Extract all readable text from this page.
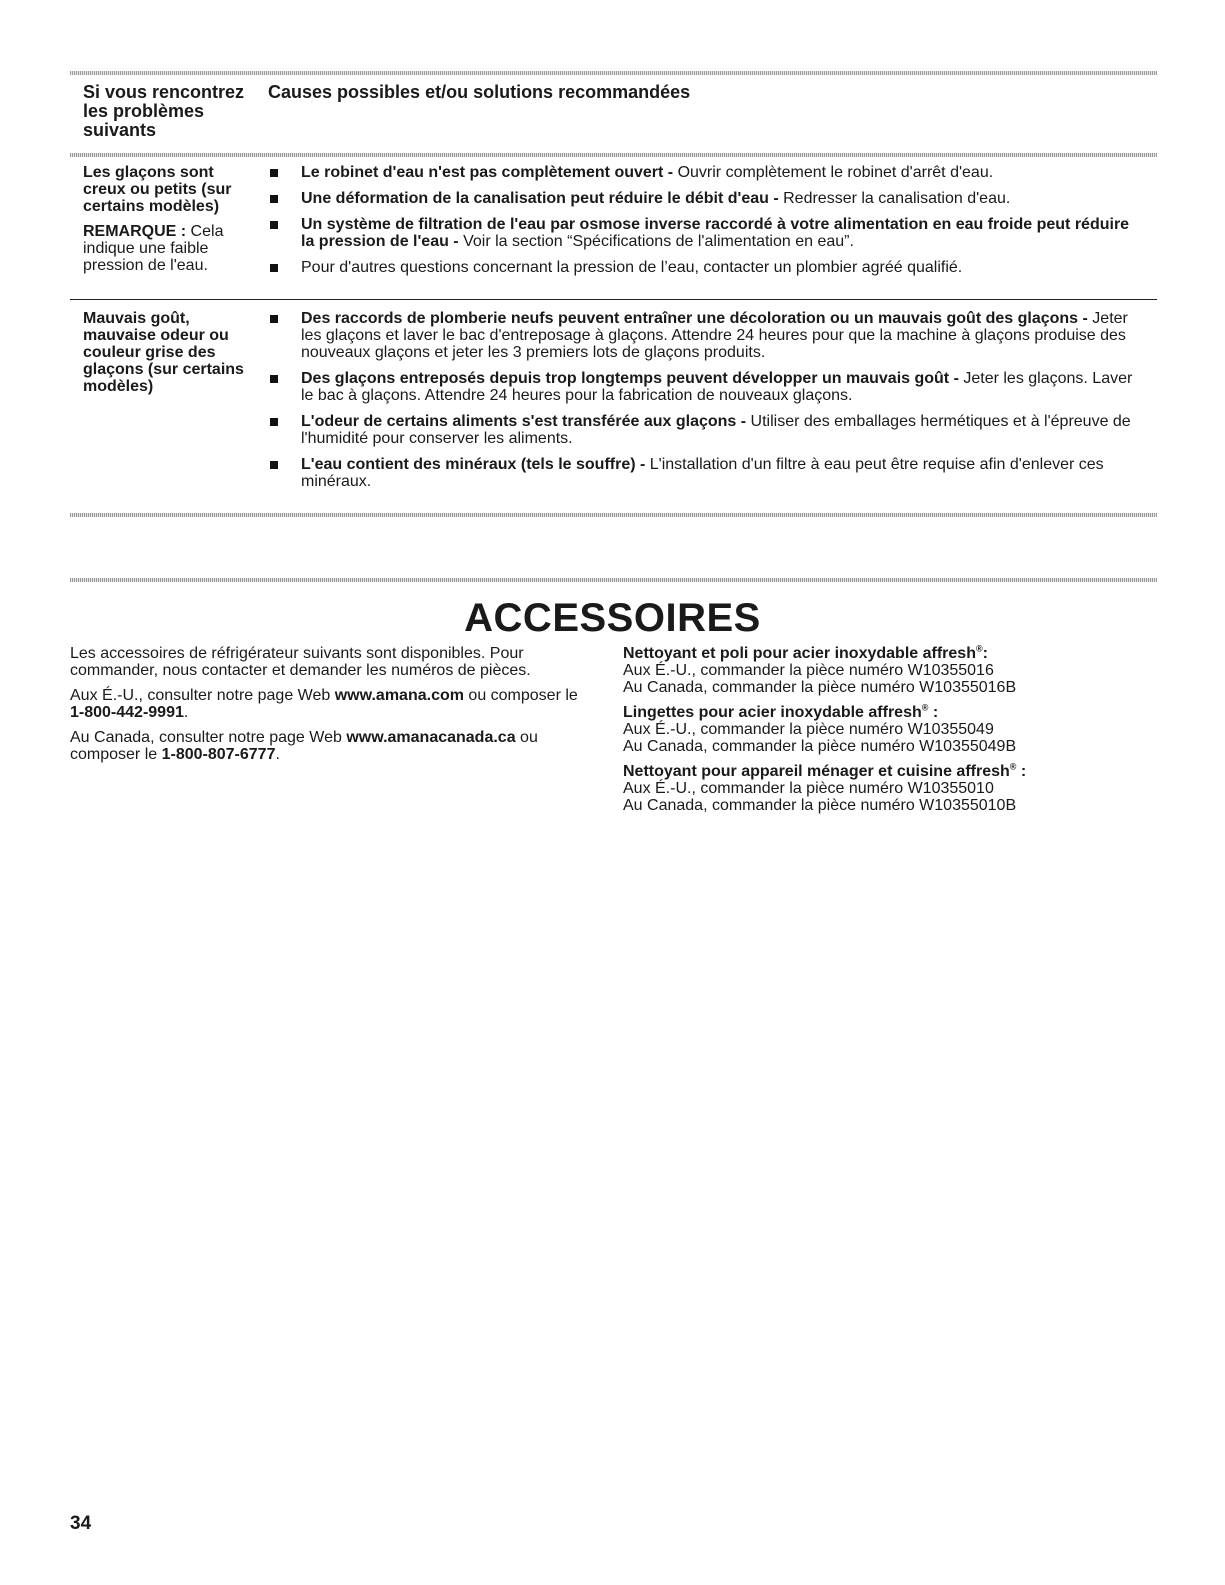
Si vous rencontrez les problèmes suivants
Causes possibles et/ou solutions recommandées
Les glaçons sont creux ou petits (sur certains modèles)
REMARQUE : Cela indique une faible pression de l'eau.
Le robinet d'eau n'est pas complètement ouvert - Ouvrir complètement le robinet d'arrêt d'eau.
Une déformation de la canalisation peut réduire le débit d'eau - Redresser la canalisation d'eau.
Un système de filtration de l'eau par osmose inverse raccordé à votre alimentation en eau froide peut réduire la pression de l'eau - Voir la section “Spécifications de l'alimentation en eau”.
Pour d'autres questions concernant la pression de l’eau, contacter un plombier agréé qualifié.
Mauvais goût, mauvaise odeur ou couleur grise des glaçons (sur certains modèles)
Des raccords de plomberie neufs peuvent entraîner une décoloration ou un mauvais goût des glaçons - Jeter les glaçons et laver le bac d'entreposage à glaçons. Attendre 24 heures pour que la machine à glaçons produise des nouveaux glaçons et jeter les 3 premiers lots de glaçons produits.
Des glaçons entreposés depuis trop longtemps peuvent développer un mauvais goût - Jeter les glaçons. Laver le bac à glaçons. Attendre 24 heures pour la fabrication de nouveaux glaçons.
L'odeur de certains aliments s'est transférée aux glaçons - Utiliser des emballages hermétiques et à l'épreuve de l'humidité pour conserver les aliments.
L'eau contient des minéraux (tels le souffre) - L'installation d'un filtre à eau peut être requise afin d'enlever ces minéraux.
ACCESSOIRES

Les accessoires de réfrigérateur suivants sont disponibles. Pour commander, nous contacter et demander les numéros de pièces.

Aux É.-U., consulter notre page Web www.amana.com ou composer le 1-800-442-9991.

Au Canada, consulter notre page Web www.amanacanada.ca ou composer le 1-800-807-6777.

Nettoyant et poli pour acier inoxydable affresh®:
Aux É.-U., commander la pièce numéro W10355016
Au Canada, commander la pièce numéro W10355016B
Lingettes pour acier inoxydable affresh® :
Aux É.-U., commander la pièce numéro W10355049
Au Canada, commander la pièce numéro W10355049B
Nettoyant pour appareil ménager et cuisine affresh® :
Aux É.-U., commander la pièce numéro W10355010
Au Canada, commander la pièce numéro W10355010B
34
